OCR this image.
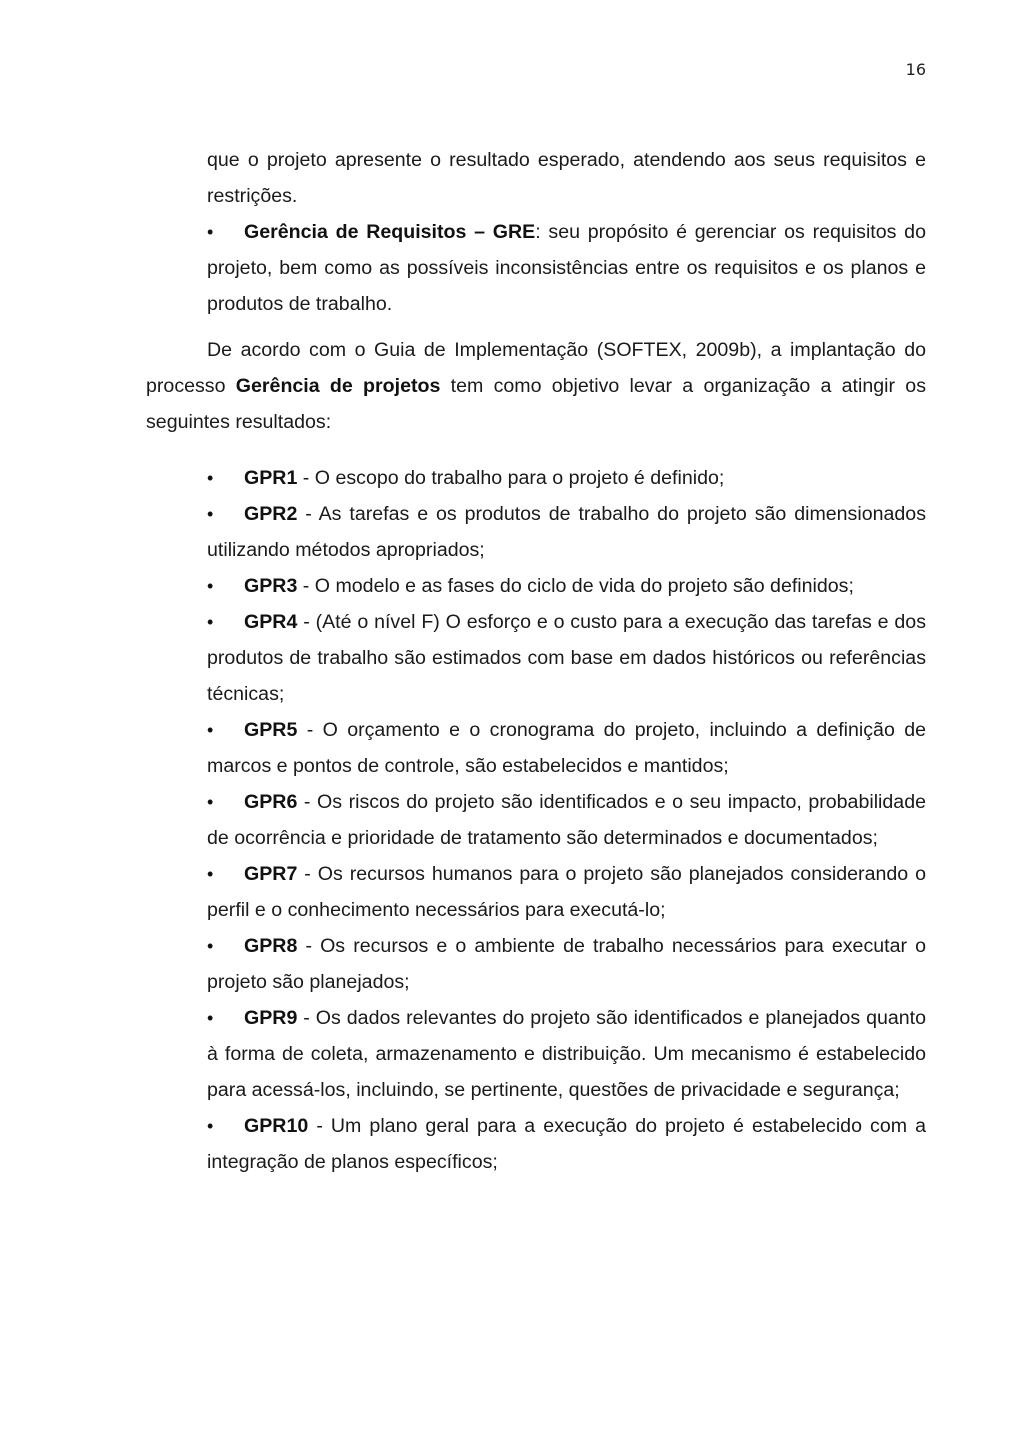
16
que o projeto apresente o resultado esperado, atendendo aos seus requisitos e restrições.
•Gerência de Requisitos – GRE: seu propósito é gerenciar os requisitos do projeto, bem como as possíveis inconsistências entre os requisitos e os planos e produtos de trabalho.
De acordo com o Guia de Implementação (SOFTEX, 2009b), a implantação do processo Gerência de projetos tem como objetivo levar a organização a atingir os seguintes resultados:
•GPR1 - O escopo do trabalho para o projeto é definido;
•GPR2 - As tarefas e os produtos de trabalho do projeto são dimensionados utilizando métodos apropriados;
•GPR3 - O modelo e as fases do ciclo de vida do projeto são definidos;
•GPR4 - (Até o nível F) O esforço e o custo para a execução das tarefas e dos produtos de trabalho são estimados com base em dados históricos ou referências técnicas;
•GPR5 - O orçamento e o cronograma do projeto, incluindo a definição de marcos e pontos de controle, são estabelecidos e mantidos;
•GPR6 - Os riscos do projeto são identificados e o seu impacto, probabilidade de ocorrência e prioridade de tratamento são determinados e documentados;
•GPR7 - Os recursos humanos para o projeto são planejados considerando o perfil e o conhecimento necessários para executá-lo;
•GPR8 - Os recursos e o ambiente de trabalho necessários para executar o projeto são planejados;
•GPR9 - Os dados relevantes do projeto são identificados e planejados quanto à forma de coleta, armazenamento e distribuição. Um mecanismo é estabelecido para acessá-los, incluindo, se pertinente, questões de privacidade e segurança;
•GPR10 - Um plano geral para a execução do projeto é estabelecido com a integração de planos específicos;
